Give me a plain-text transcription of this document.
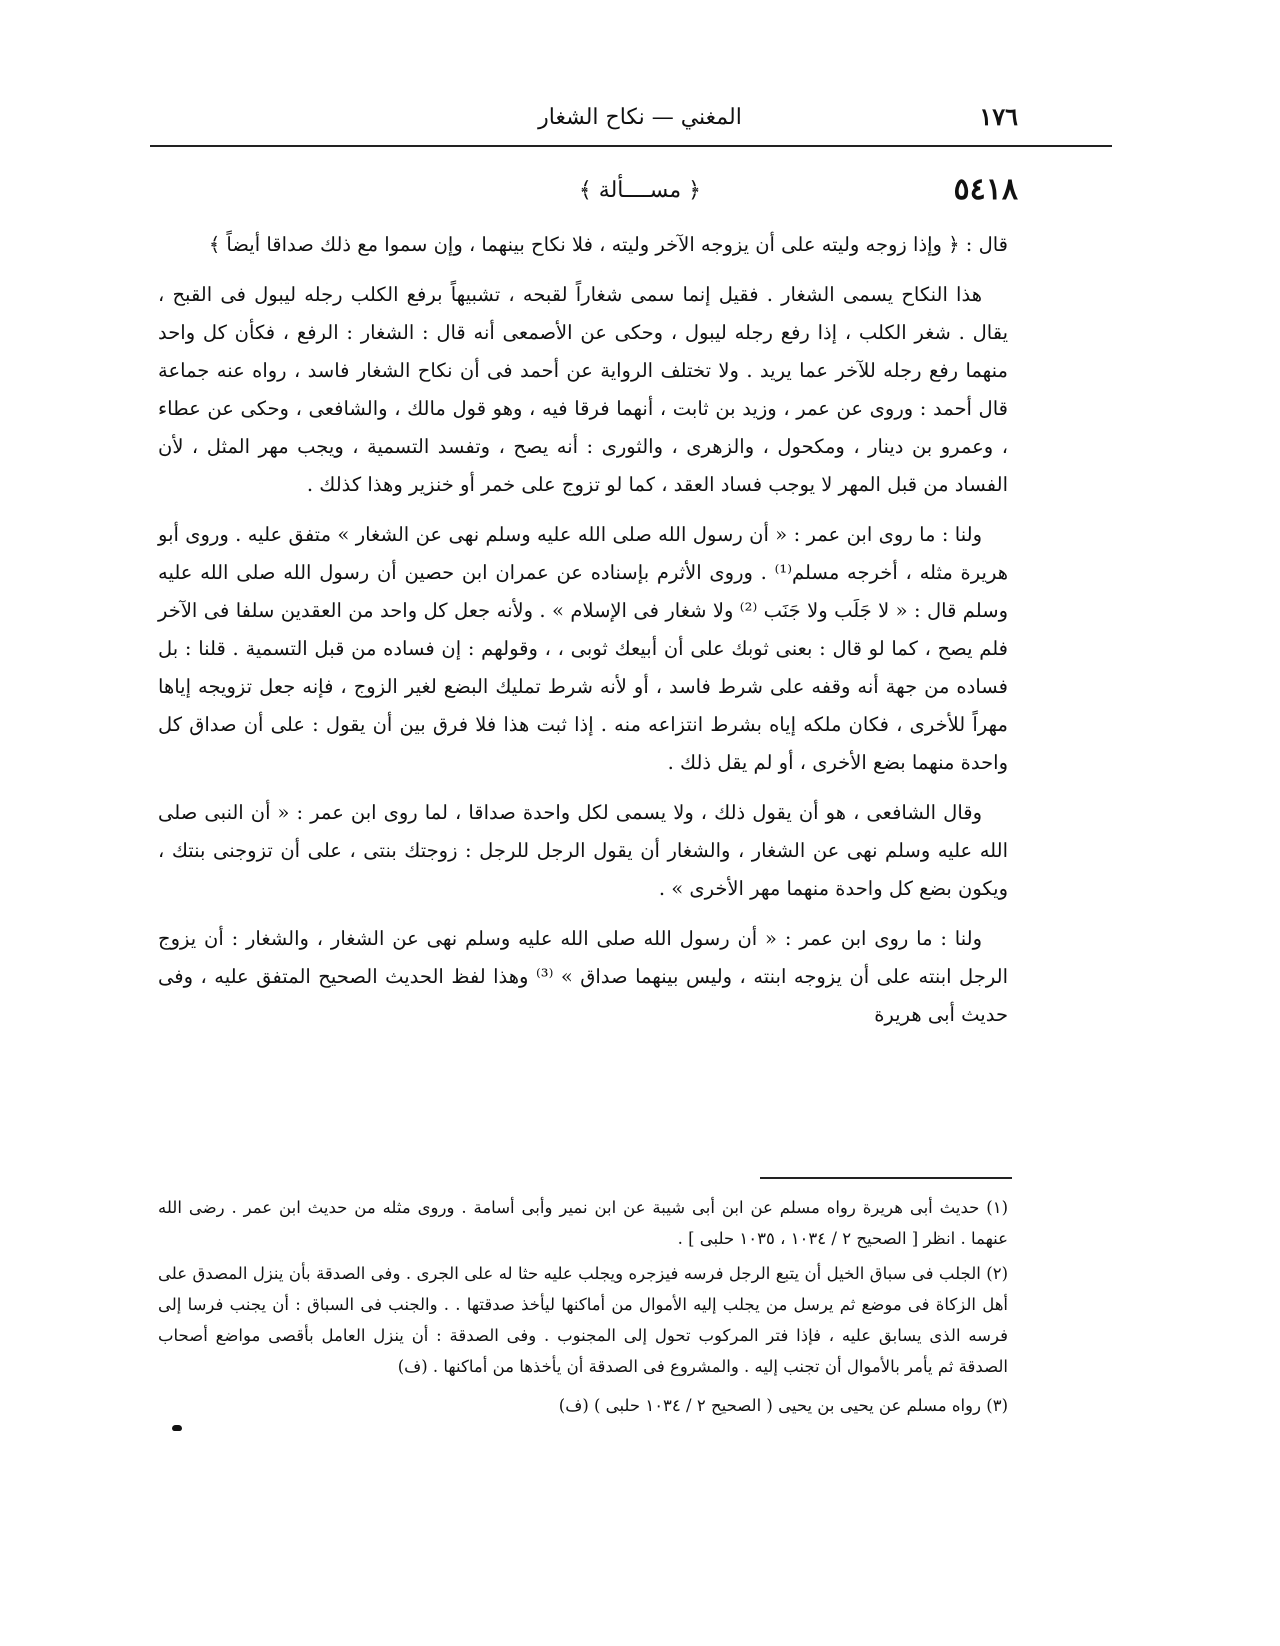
١٧٦
المغني — نكاح الشغار
٥٤١٨
﴿ مســــألة ﴾

قال : ﴿ وإذا زوجه وليته على أن يزوجه الآخر وليته ، فلا نكاح بينهما ، وإن سموا مع ذلك صداقا أيضاً ﴾

هذا النكاح يسمى الشغار . فقيل إنما سمى شغاراً لقبحه ، تشبيهاً برفع الكلب رجله ليبول فى القبح ، يقال . شغر الكلب ، إذا رفع رجله ليبول ، وحكى عن الأصمعى أنه قال : الشغار : الرفع ، فكأن كل واحد منهما رفع رجله للآخر عما يريد . ولا تختلف الرواية عن أحمد فى أن نكاح الشغار فاسد ، رواه عنه جماعة قال أحمد : وروى عن عمر ، وزيد بن ثابت ، أنهما فرقا فيه ، وهو قول مالك ، والشافعى ، وحكى عن عطاء ، وعمرو بن دينار ، ومكحول ، والزهرى ، والثورى : أنه يصح ، وتفسد التسمية ، ويجب مهر المثل ، لأن الفساد من قبل المهر لا يوجب فساد العقد ، كما لو تزوج على خمر أو خنزير وهذا كذلك .

ولنا : ما روى ابن عمر : « أن رسول الله صلى الله عليه وسلم نهى عن الشغار » متفق عليه . وروى أبو هريرة مثله ، أخرجه مسلم⁽¹⁾ . وروى الأثرم بإسناده عن عمران ابن حصين أن رسول الله صلى الله عليه وسلم قال : « لا جَلَب ولا جَنَب ⁽²⁾ ولا شغار فى الإسلام » . ولأنه جعل كل واحد من العقدين سلفا فى الآخر فلم يصح ، كما لو قال : بعنى ثوبك على أن أبيعك ثوبى ، ، وقولهم : إن فساده من قبل التسمية . قلنا : بل فساده من جهة أنه وقفه على شرط فاسد ، أو لأنه شرط تمليك البضع لغير الزوج ، فإنه جعل تزويجه إياها مهراً للأخرى ، فكان ملكه إياه بشرط انتزاعه منه . إذا ثبت هذا فلا فرق بين أن يقول : على أن صداق كل واحدة منهما بضع الأخرى ، أو لم يقل ذلك .

وقال الشافعى ، هو أن يقول ذلك ، ولا يسمى لكل واحدة صداقا ، لما روى ابن عمر : « أن النبى صلى الله عليه وسلم نهى عن الشغار ، والشغار أن يقول الرجل للرجل : زوجتك بنتى ، على أن تزوجنى بنتك ، ويكون بضع كل واحدة منهما مهر الأخرى » .

ولنا : ما روى ابن عمر : « أن رسول الله صلى الله عليه وسلم نهى عن الشغار ، والشغار : أن يزوج الرجل ابنته على أن يزوجه ابنته ، وليس بينهما صداق » ⁽³⁾ وهذا لفظ الحديث الصحيح المتفق عليه ، وفى حديث أبى هريرة

(١) حديث أبى هريرة رواه مسلم عن ابن أبى شيبة عن ابن نمير وأبى أسامة . وروى مثله من حديث ابن عمر . رضى الله عنهما . انظر [ الصحيح ٢ / ١٠٣٤ ، ١٠٣٥ حلبى ] .

(٢) الجلب فى سباق الخيل أن يتبع الرجل فرسه فيزجره ويجلب عليه حثا له على الجرى . وفى الصدقة بأن ينزل المصدق على أهل الزكاة فى موضع ثم يرسل من يجلب إليه الأموال من أماكنها ليأخذ صدقتها . . والجنب فى السباق : أن يجنب فرسا إلى فرسه الذى يسابق عليه ، فإذا فتر المركوب تحول إلى المجنوب . وفى الصدقة : أن ينزل العامل بأقصى مواضع أصحاب الصدقة ثم يأمر بالأموال أن تجنب إليه . والمشروع فى الصدقة أن يأخذها من أماكنها . (ف)

(٣) رواه مسلم عن يحيى بن يحيى ( الصحيح ٢ / ١٠٣٤ حلبى ) (ف)
